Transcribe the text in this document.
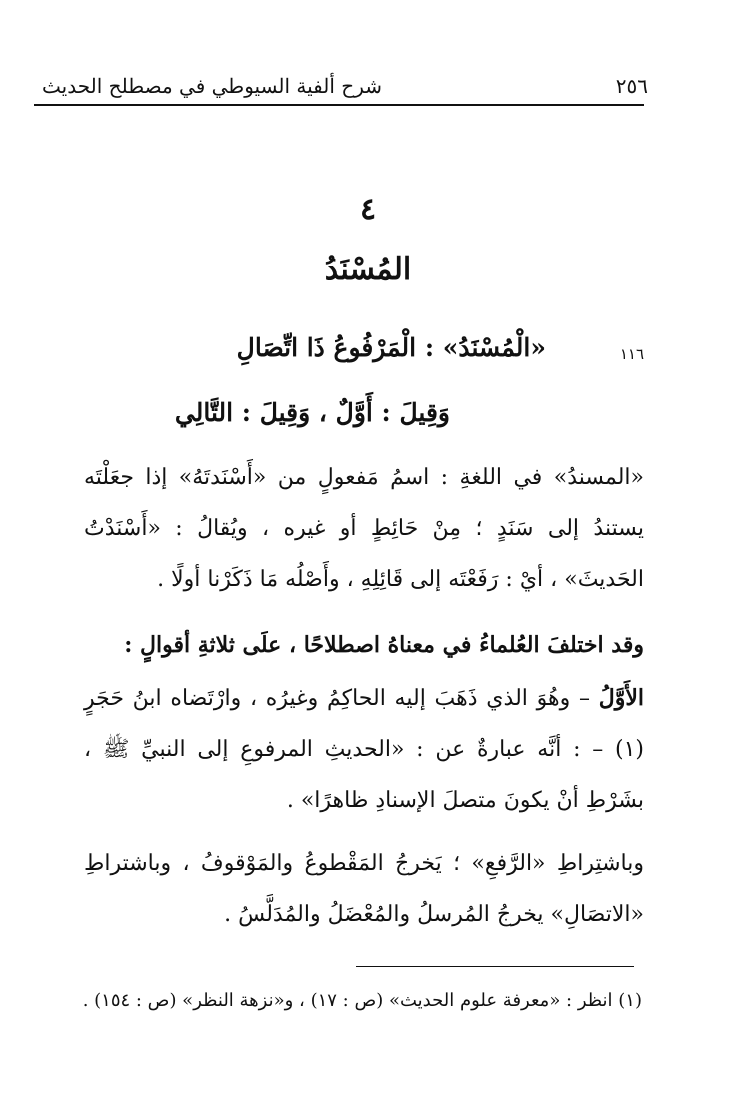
٢٥٦
شرح ألفية السيوطي في مصطلح الحديث
٤
المُسْنَدُ
١١٦
«الْمُسْنَدُ» : الْمَرْفُوعُ ذَا اتِّصَالِ
وَقِيلَ : أَوَّلٌ ، وَقِيلَ : التَّالِي
«المسندُ» في اللغةِ : اسمُ مَفعولٍ من «أَسْنَدتَهُ» إذا جعَلْتَه يستندُ إلى سَنَدٍ ؛ مِنْ حَائِطٍ أو غيره ، ويُقالُ : «أَسْنَدْتُ الحَديثَ» ، أيْ : رَفَعْتَه إلى قَائِلِهِ ، وأَصْلُه مَا ذَكَرْنا أولًا .
وقد اختلفَ العُلماءُ في معناهُ اصطلاحًا ، علَى ثلاثةِ أقوالٍ :
الأَوَّلُ – وهُوَ الذي ذَهَبَ إليه الحاكِمُ وغيرُه ، وارْتَضاه ابنُ حَجَرٍ (١) – : أنَّه عبارةٌ عن : «الحديثِ المرفوعِ إلى النبيِّ ﷺ ، بشَرْطِ أنْ يكونَ متصلَ الإسنادِ ظاهرًا» .
وباشتِراطِ «الرَّفعِ» ؛ يَخرجُ المَقْطوعُ والمَوْقوفُ ، وباشتراطِ «الاتصَالِ» يخرجُ المُرسلُ والمُعْضَلُ والمُدَلَّسُ .
(١) انظر : «معرفة علوم الحديث» (ص : ١٧) ، و«نزهة النظر» (ص : ١٥٤) .
